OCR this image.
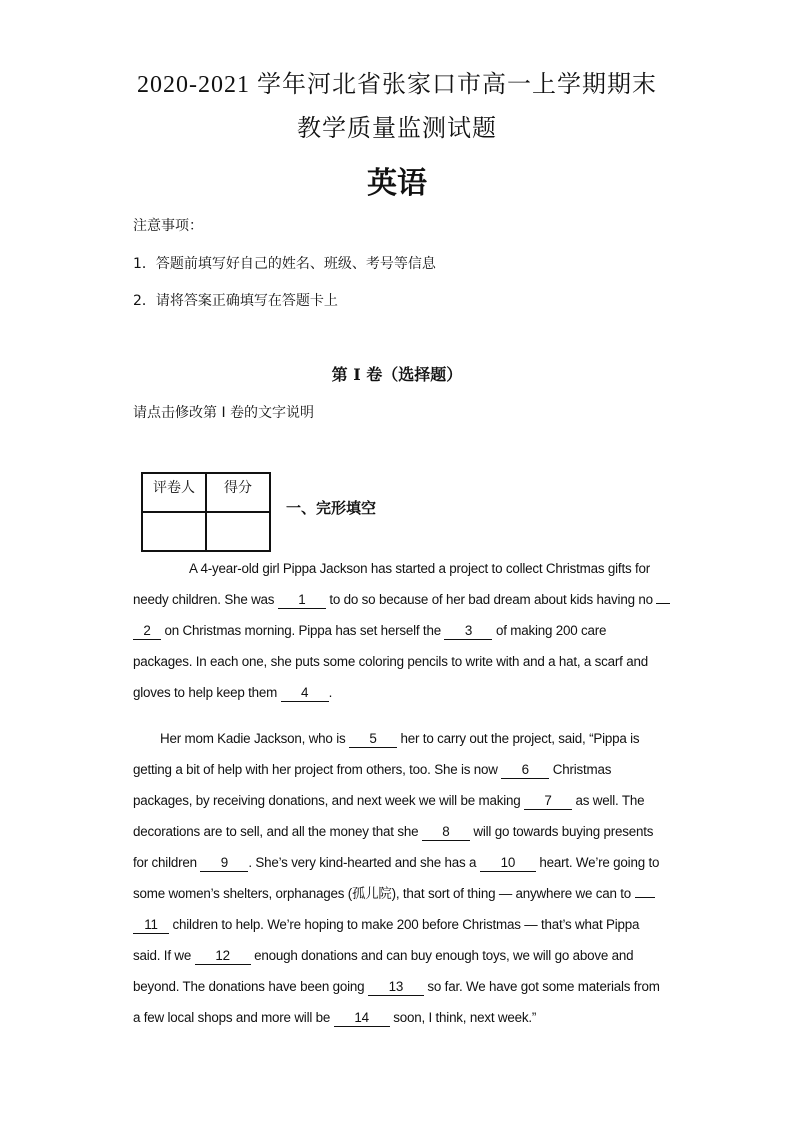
2020-2021 学年河北省张家口市高一上学期期末
教学质量监测试题
英语
注意事项：
1．答题前填写好自己的姓名、班级、考号等信息
2．请将答案正确填写在答题卡上
第 I 卷（选择题）
请点击修改第 I 卷的文字说明
评卷人	得分

一、完形填空
A 4-year-old girl Pippa Jackson has started a project to collect Christmas gifts for
needy children. She was 1 to do so because of her bad dream about kids having no
2 on Christmas morning. Pippa has set herself the 3 of making 200 care
packages. In each one, she puts some coloring pencils to write with and a hat, a scarf and
gloves to help keep them 4 .
Her mom Kadie Jackson, who is 5 her to carry out the project, said, “Pippa is
getting a bit of help with her project from others, too. She is now 6 Christmas
packages, by receiving donations, and next week we will be making 7 as well. The
decorations are to sell, and all the money that she 8 will go towards buying presents
for children 9 . She’s very kind-hearted and she has a 10 heart. We’re going to
some women’s shelters, orphanages (孤儿院), that sort of thing — anywhere we can to
11 children to help. We’re hoping to make 200 before Christmas — that’s what Pippa
said. If we 12 enough donations and can buy enough toys, we will go above and
beyond. The donations have been going 13 so far. We have got some materials from
a few local shops and more will be 14 soon, I think, next week.”
